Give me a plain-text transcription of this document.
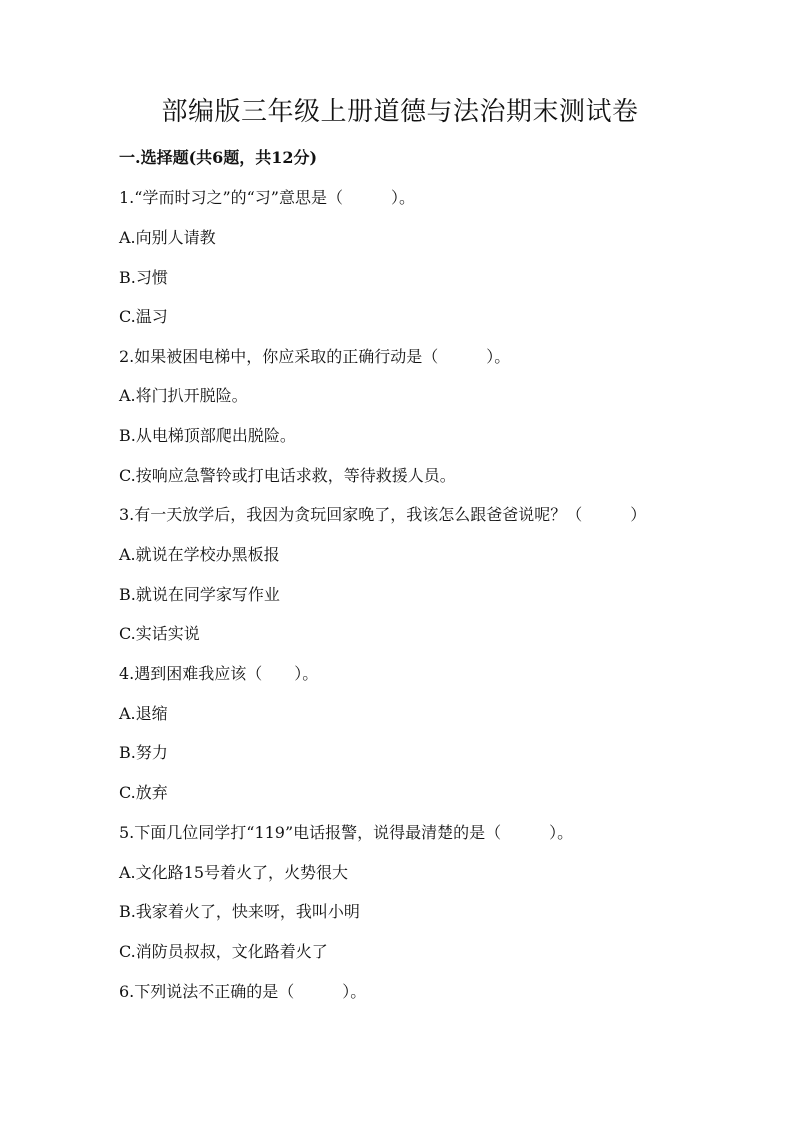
部编版三年级上册道德与法治期末测试卷
一.选择题(共6题，共12分)
1.“学而时习之”的“习”意思是（　　　）。
A.向别人请教
B.习惯
C.温习
2.如果被困电梯中，你应采取的正确行动是（　　　）。
A.将门扒开脱险。
B.从电梯顶部爬出脱险。
C.按响应急警铃或打电话求救，等待救援人员。
3.有一天放学后，我因为贪玩回家晚了，我该怎么跟爸爸说呢？（　　　）
A.就说在学校办黑板报
B.就说在同学家写作业
C.实话实说
4.遇到困难我应该（　　）。
A.退缩
B.努力
C.放弃
5.下面几位同学打“119”电话报警，说得最清楚的是（　　　）。
A.文化路15号着火了，火势很大
B.我家着火了，快来呀，我叫小明
C.消防员叔叔，文化路着火了
6.下列说法不正确的是（　　　）。
